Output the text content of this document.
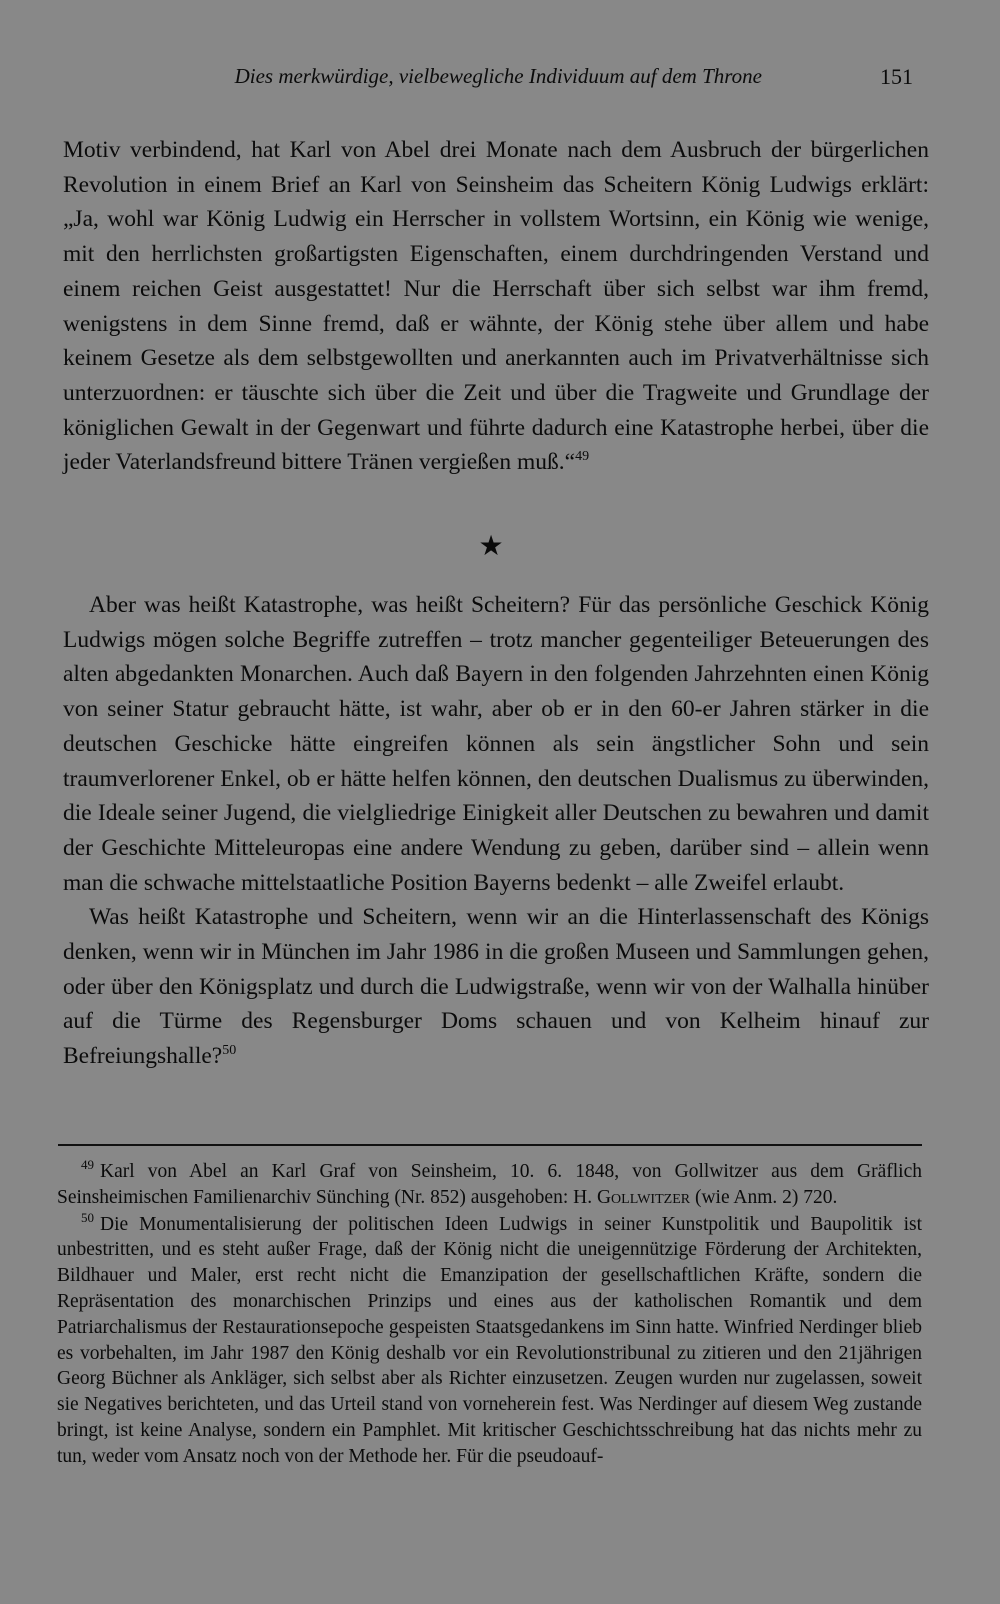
Dies merkwürdige, vielbewegliche Individuum auf dem Throne	151

Motiv verbindend, hat Karl von Abel drei Monate nach dem Ausbruch der bürgerlichen Revolution in einem Brief an Karl von Seinsheim das Scheitern König Ludwigs erklärt: „Ja, wohl war König Ludwig ein Herrscher in vollstem Wortsinn, ein König wie wenige, mit den herrlichsten großartigsten Eigenschaften, einem durchdringenden Verstand und einem reichen Geist ausgestattet! Nur die Herrschaft über sich selbst war ihm fremd, wenigstens in dem Sinne fremd, daß er wähnte, der König stehe über allem und habe keinem Gesetze als dem selbstgewollten und anerkannten auch im Privatverhältnisse sich unterzuordnen: er täuschte sich über die Zeit und über die Tragweite und Grundlage der königlichen Gewalt in der Gegenwart und führte dadurch eine Katastrophe herbei, über die jeder Vaterlandsfreund bittere Tränen vergießen muß.“$^{49}$

★

Aber was heißt Katastrophe, was heißt Scheitern? Für das persönliche Geschick König Ludwigs mögen solche Begriffe zutreffen – trotz mancher gegenteiliger Beteuerungen des alten abgedankten Monarchen. Auch daß Bayern in den folgenden Jahrzehnten einen König von seiner Statur gebraucht hätte, ist wahr, aber ob er in den 60-er Jahren stärker in die deutschen Geschicke hätte eingreifen können als sein ängstlicher Sohn und sein traumverlorener Enkel, ob er hätte helfen können, den deutschen Dualismus zu überwinden, die Ideale seiner Jugend, die vielgliedrige Einigkeit aller Deutschen zu bewahren und damit der Geschichte Mitteleuropas eine andere Wendung zu geben, darüber sind – allein wenn man die schwache mittelstaatliche Position Bayerns bedenkt – alle Zweifel erlaubt.

Was heißt Katastrophe und Scheitern, wenn wir an die Hinterlassenschaft des Königs denken, wenn wir in München im Jahr 1986 in die großen Museen und Sammlungen gehen, oder über den Königsplatz und durch die Ludwigstraße, wenn wir von der Walhalla hinüber auf die Türme des Regensburger Doms schauen und von Kelheim hinauf zur Befreiungshalle?$^{50}$

$^{49}$ Karl von Abel an Karl Graf von Seinsheim, 10. 6. 1848, von Gollwitzer aus dem Gräflich Seinsheimischen Familienarchiv Sünching (Nr. 852) ausgehoben: H. Gollwitzer (wie Anm. 2) 720.

$^{50}$ Die Monumentalisierung der politischen Ideen Ludwigs in seiner Kunstpolitik und Baupolitik ist unbestritten, und es steht außer Frage, daß der König nicht die uneigennützige Förderung der Architekten, Bildhauer und Maler, erst recht nicht die Emanzipation der gesellschaftlichen Kräfte, sondern die Repräsentation des monarchischen Prinzips und eines aus der katholischen Romantik und dem Patriarchalismus der Restaurationsepoche gespeisten Staatsgedankens im Sinn hatte. Winfried Nerdinger blieb es vorbehalten, im Jahr 1987 den König deshalb vor ein Revolutionstribunal zu zitieren und den 21jährigen Georg Büchner als Ankläger, sich selbst aber als Richter einzusetzen. Zeugen wurden nur zugelassen, soweit sie Negatives berichteten, und das Urteil stand von vorneherein fest. Was Nerdinger auf diesem Weg zustande bringt, ist keine Analyse, sondern ein Pamphlet. Mit kritischer Geschichtsschreibung hat das nichts mehr zu tun, weder vom Ansatz noch von der Methode her. Für die pseudoauf-
